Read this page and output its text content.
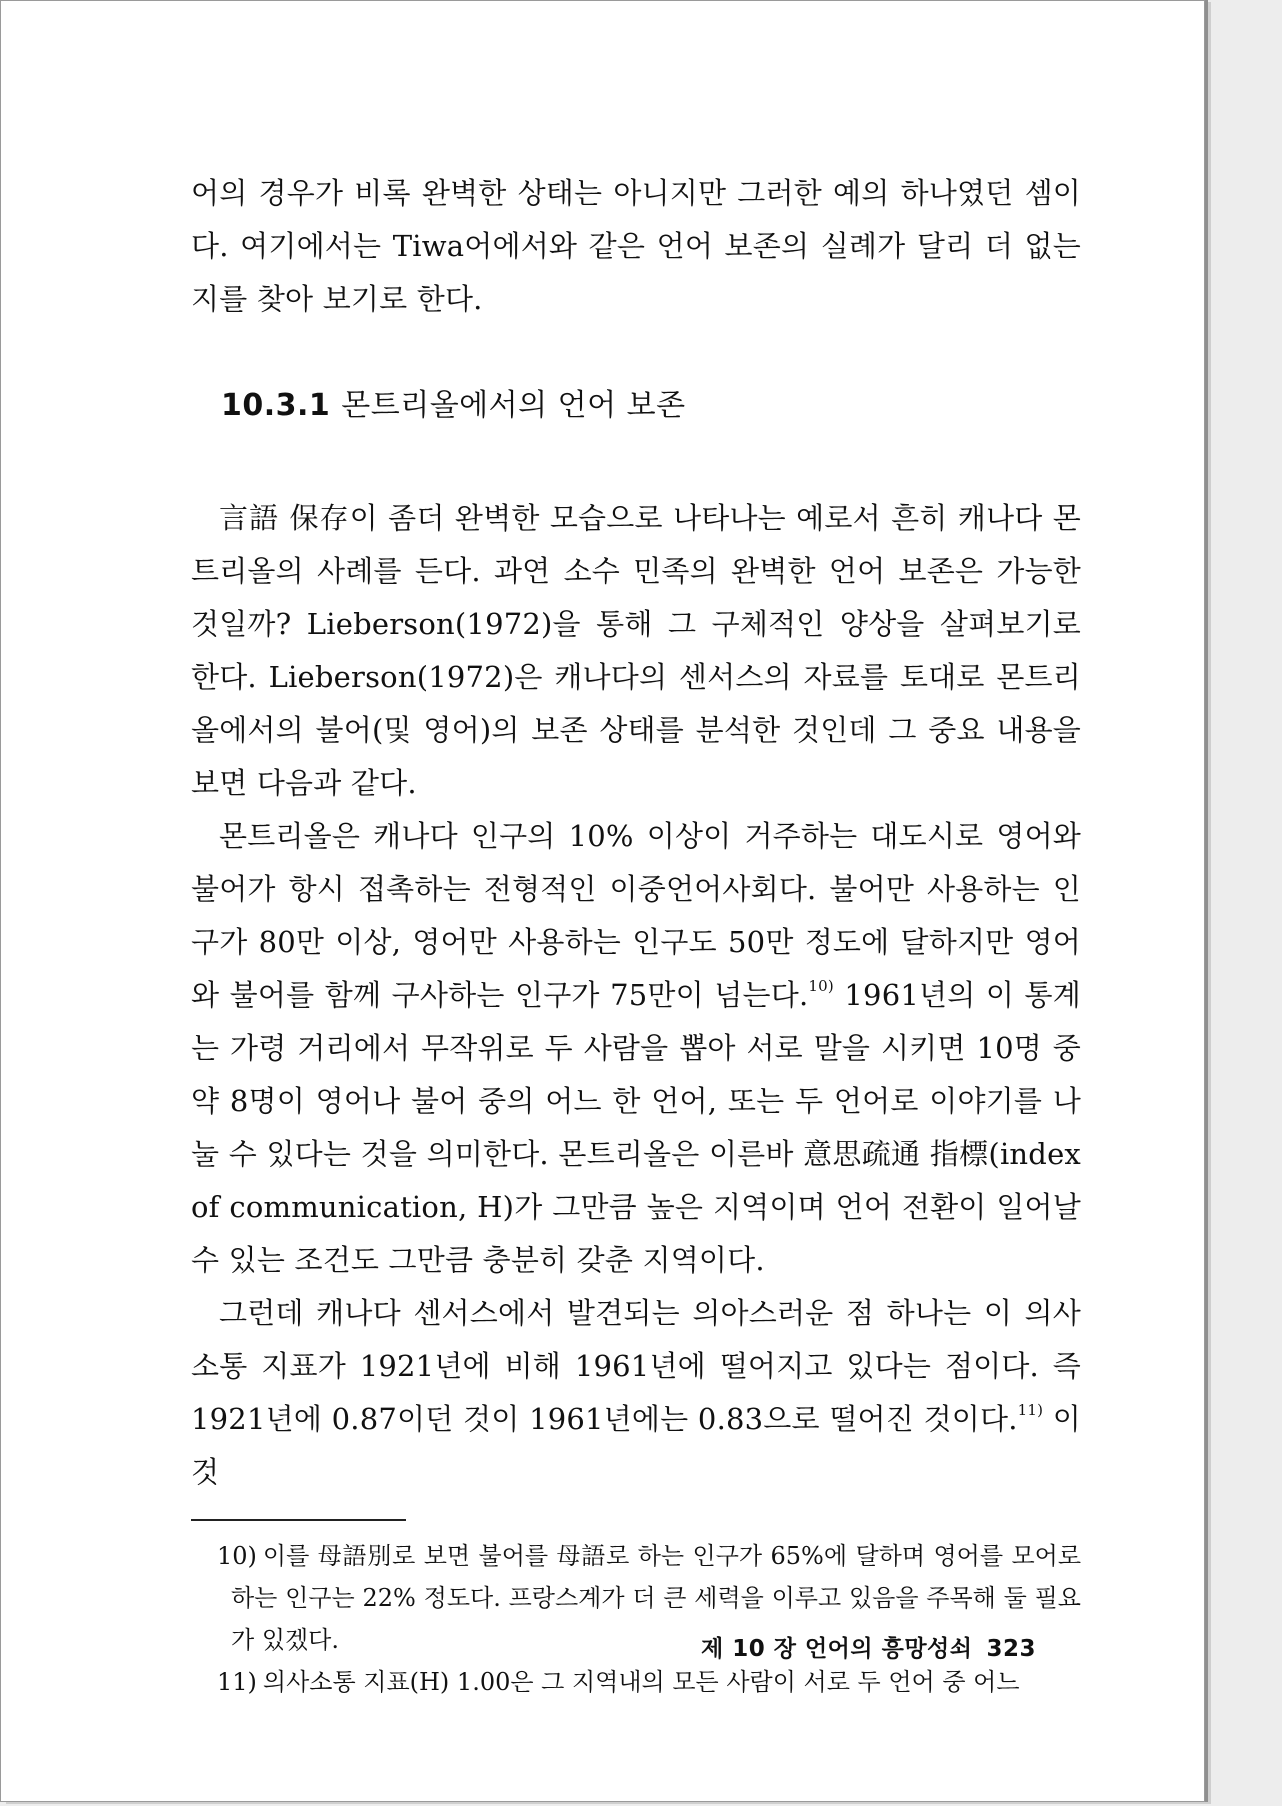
어의 경우가 비록 완벽한 상태는 아니지만 그러한 예의 하나였던 셈이다. 여기에서는 Tiwa어에서와 같은 언어 보존의 실례가 달리 더 없는지를 찾아 보기로 한다.

10.3.1 몬트리올에서의 언어 보존

言語 保存이 좀더 완벽한 모습으로 나타나는 예로서 흔히 캐나다 몬트리올의 사례를 든다. 과연 소수 민족의 완벽한 언어 보존은 가능한 것일까? Lieberson(1972)을 통해 그 구체적인 양상을 살펴보기로 한다. Lieberson(1972)은 캐나다의 센서스의 자료를 토대로 몬트리올에서의 불어(및 영어)의 보존 상태를 분석한 것인데 그 중요 내용을 보면 다음과 같다.

몬트리올은 캐나다 인구의 10% 이상이 거주하는 대도시로 영어와 불어가 항시 접촉하는 전형적인 이중언어사회다. 불어만 사용하는 인구가 80만 이상, 영어만 사용하는 인구도 50만 정도에 달하지만 영어와 불어를 함께 구사하는 인구가 75만이 넘는다.$^{10)}$ 1961년의 이 통계는 가령 거리에서 무작위로 두 사람을 뽑아 서로 말을 시키면 10명 중 약 8명이 영어나 불어 중의 어느 한 언어, 또는 두 언어로 이야기를 나눌 수 있다는 것을 의미한다. 몬트리올은 이른바 意思疏通 指標(index of communication, H)가 그만큼 높은 지역이며 언어 전환이 일어날 수 있는 조건도 그만큼 충분히 갖춘 지역이다.

그런데 캐나다 센서스에서 발견되는 의아스러운 점 하나는 이 의사소통 지표가 1921년에 비해 1961년에 떨어지고 있다는 점이다. 즉 1921년에 0.87이던 것이 1961년에는 0.83으로 떨어진 것이다.$^{11)}$ 이것

10) 이를 母語別로 보면 불어를 母語로 하는 인구가 65%에 달하며 영어를 모어로 하는 인구는 22% 정도다. 프랑스계가 더 큰 세력을 이루고 있음을 주목해 둘 필요가 있겠다.

11) 의사소통 지표(H) 1.00은 그 지역내의 모든 사람이 서로 두 언어 중 어느

제 10 장 언어의 흥망성쇠 323
